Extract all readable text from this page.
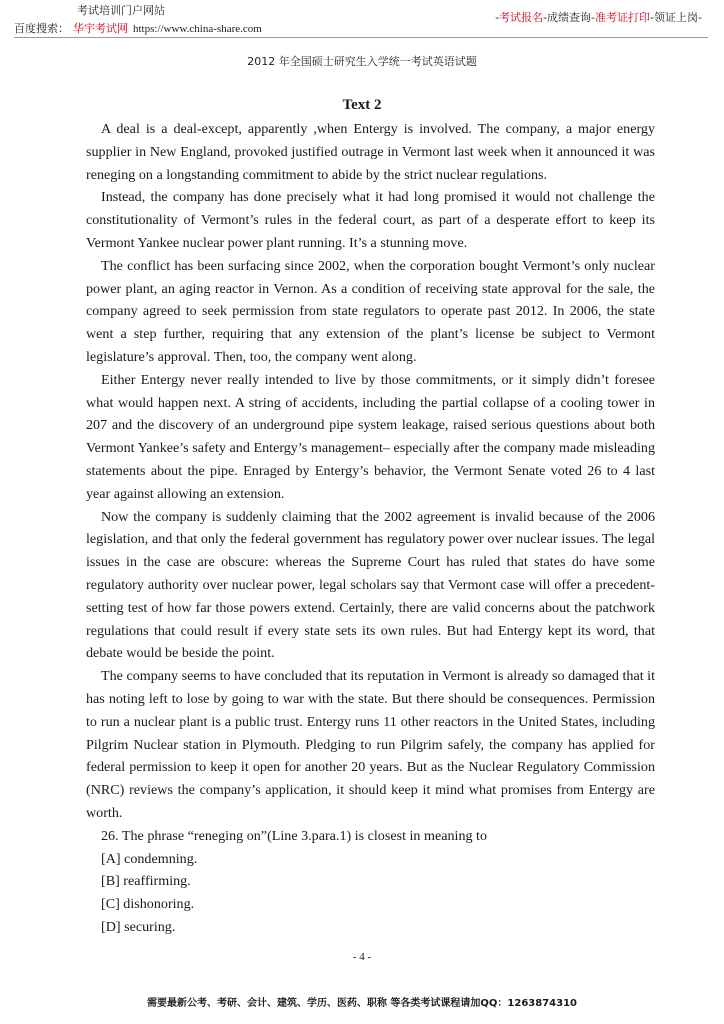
考试培训门户网站
百度搜索： 华宇考试网 https://www.china-share.com
-考试报名-成绩查询-准考证打印-领证上岗-
2012 年全国硕士研究生入学统一考试英语试题
Text 2

A deal is a deal-except, apparently ,when Entergy is involved. The company, a major energy supplier in New England, provoked justified outrage in Vermont last week when it announced it was reneging on a longstanding commitment to abide by the strict nuclear regulations.

Instead, the company has done precisely what it had long promised it would not challenge the constitutionality of Vermont’s rules in the federal court, as part of a desperate effort to keep its Vermont Yankee nuclear power plant running. It’s a stunning move.

The conflict has been surfacing since 2002, when the corporation bought Vermont’s only nuclear power plant, an aging reactor in Vernon. As a condition of receiving state approval for the sale, the company agreed to seek permission from state regulators to operate past 2012. In 2006, the state went a step further, requiring that any extension of the plant’s license be subject to Vermont legislature’s approval. Then, too, the company went along.

Either Entergy never really intended to live by those commitments, or it simply didn’t foresee what would happen next. A string of accidents, including the partial collapse of a cooling tower in 207 and the discovery of an underground pipe system leakage, raised serious questions about both Vermont Yankee’s safety and Entergy’s management– especially after the company made misleading statements about the pipe. Enraged by Entergy’s behavior, the Vermont Senate voted 26 to 4 last year against allowing an extension.

Now the company is suddenly claiming that the 2002 agreement is invalid because of the 2006 legislation, and that only the federal government has regulatory power over nuclear issues. The legal issues in the case are obscure: whereas the Supreme Court has ruled that states do have some regulatory authority over nuclear power, legal scholars say that Vermont case will offer a precedent-setting test of how far those powers extend. Certainly, there are valid concerns about the patchwork regulations that could result if every state sets its own rules. But had Entergy kept its word, that debate would be beside the point.

The company seems to have concluded that its reputation in Vermont is already so damaged that it has noting left to lose by going to war with the state. But there should be consequences. Permission to run a nuclear plant is a public trust. Entergy runs 11 other reactors in the United States, including Pilgrim Nuclear station in Plymouth. Pledging to run Pilgrim safely, the company has applied for federal permission to keep it open for another 20 years. But as the Nuclear Regulatory Commission (NRC) reviews the company’s application, it should keep it mind what promises from Entergy are worth.

26. The phrase “reneging on”(Line 3.para.1) is closest in meaning to
[A] condemning.
[B] reaffirming.
[C] dishonoring.
[D] securing.
- 4 -
需要最新公考、考研、会计、建筑、学历、医药、职称 等各类考试课程请加QQ：1263874310
